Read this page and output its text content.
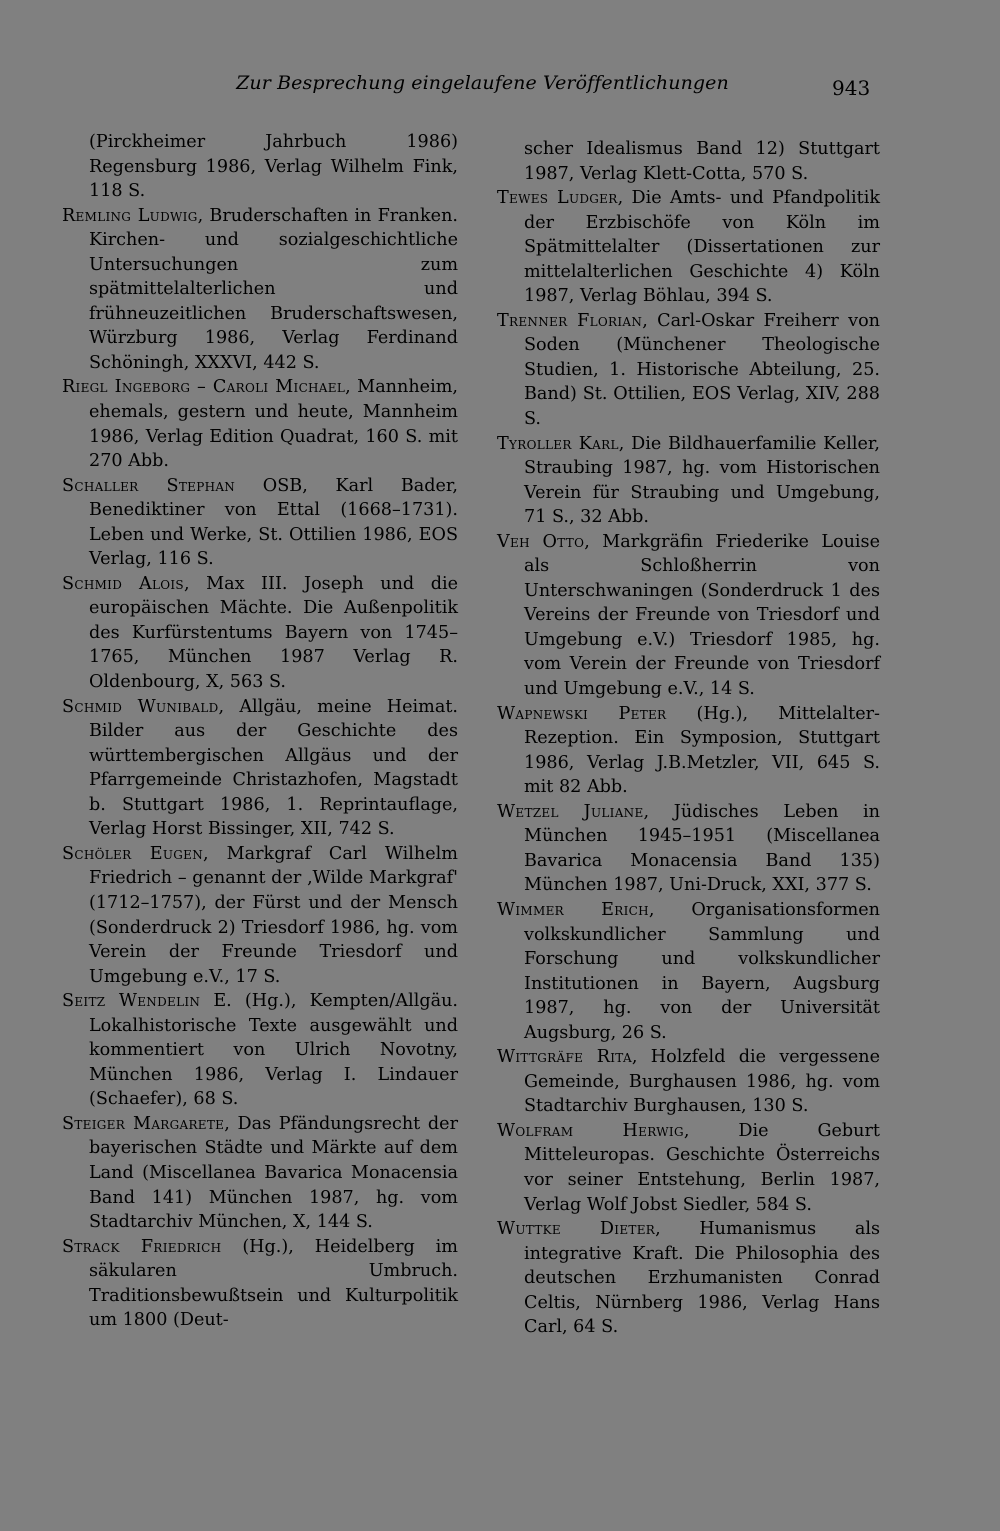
Zur Besprechung eingelaufene Veröffentlichungen	943
(Pirckheimer Jahrbuch 1986) Regensburg 1986, Verlag Wilhelm Fink, 118 S.
Remling Ludwig, Bruderschaften in Franken. Kirchen- und sozialgeschichtliche Untersuchungen zum spätmittelalterlichen und frühneuzeitlichen Bruderschaftswesen, Würzburg 1986, Verlag Ferdinand Schöningh, XXXVI, 442 S.
Riegl Ingeborg – Caroli Michael, Mannheim, ehemals, gestern und heute, Mannheim 1986, Verlag Edition Quadrat, 160 S. mit 270 Abb.
Schaller Stephan OSB, Karl Bader, Benediktiner von Ettal (1668–1731). Leben und Werke, St. Ottilien 1986, EOS Verlag, 116 S.
Schmid Alois, Max III. Joseph und die europäischen Mächte. Die Außenpolitik des Kurfürstentums Bayern von 1745–1765, München 1987 Verlag R. Oldenbourg, X, 563 S.
Schmid Wunibald, Allgäu, meine Heimat. Bilder aus der Geschichte des württembergischen Allgäus und der Pfarrgemeinde Christazhofen, Magstadt b. Stuttgart 1986, 1. Reprintauflage, Verlag Horst Bissinger, XII, 742 S.
Schöler Eugen, Markgraf Carl Wilhelm Friedrich – genannt der ‚Wilde Markgraf' (1712–1757), der Fürst und der Mensch (Sonderdruck 2) Triesdorf 1986, hg. vom Verein der Freunde Triesdorf und Umgebung e.V., 17 S.
Seitz Wendelin E. (Hg.), Kempten/Allgäu. Lokalhistorische Texte ausgewählt und kommentiert von Ulrich Novotny, München 1986, Verlag I. Lindauer (Schaefer), 68 S.
Steiger Margarete, Das Pfändungsrecht der bayerischen Städte und Märkte auf dem Land (Miscellanea Bavarica Monacensia Band 141) München 1987, hg. vom Stadtarchiv München, X, 144 S.
Strack Friedrich (Hg.), Heidelberg im säkularen Umbruch. Traditionsbewußtsein und Kulturpolitik um 1800 (Deut-
scher Idealismus Band 12) Stuttgart 1987, Verlag Klett-Cotta, 570 S.
Tewes Ludger, Die Amts- und Pfandpolitik der Erzbischöfe von Köln im Spätmittelalter (Dissertationen zur mittelalterlichen Geschichte 4) Köln 1987, Verlag Böhlau, 394 S.
Trenner Florian, Carl-Oskar Freiherr von Soden (Münchener Theologische Studien, 1. Historische Abteilung, 25. Band) St. Ottilien, EOS Verlag, XIV, 288 S.
Tyroller Karl, Die Bildhauerfamilie Keller, Straubing 1987, hg. vom Historischen Verein für Straubing und Umgebung, 71 S., 32 Abb.
Veh Otto, Markgräfin Friederike Louise als Schloßherrin von Unterschwaningen (Sonderdruck 1 des Vereins der Freunde von Triesdorf und Umgebung e.V.) Triesdorf 1985, hg. vom Verein der Freunde von Triesdorf und Umgebung e.V., 14 S.
Wapnewski Peter (Hg.), Mittelalter-Rezeption. Ein Symposion, Stuttgart 1986, Verlag J.B.Metzler, VII, 645 S. mit 82 Abb.
Wetzel Juliane, Jüdisches Leben in München 1945–1951 (Miscellanea Bavarica Monacensia Band 135) München 1987, Uni-Druck, XXI, 377 S.
Wimmer Erich, Organisationsformen volkskundlicher Sammlung und Forschung und volkskundlicher Institutionen in Bayern, Augsburg 1987, hg. von der Universität Augsburg, 26 S.
Wittgräfe Rita, Holzfeld die vergessene Gemeinde, Burghausen 1986, hg. vom Stadtarchiv Burghausen, 130 S.
Wolfram Herwig, Die Geburt Mitteleuropas. Geschichte Österreichs vor seiner Entstehung, Berlin 1987, Verlag Wolf Jobst Siedler, 584 S.
Wuttke Dieter, Humanismus als integrative Kraft. Die Philosophia des deutschen Erzhumanisten Conrad Celtis, Nürnberg 1986, Verlag Hans Carl, 64 S.
